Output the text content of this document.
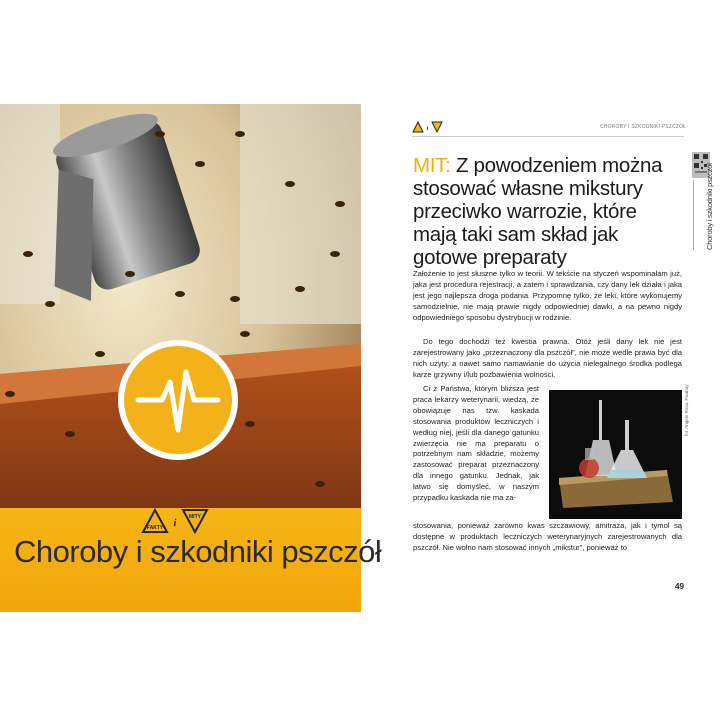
FAKTY i
MITY
Choroby i szkodniki pszczół
i	CHOROBY I SZKODNIKI PSZCZÓŁ
MIT: Z powodzeniem można stosować własne mikstury przeciwko warrozie, które mają taki sam skład jak gotowe preparaty
Założenie to jest słuszne tylko w teorii. W tekście na styczeń wspominałam już, jaka jest procedura rejestracji, a zatem i sprawdzania, czy dany lek działa i jaka jest jego najlepsza droga podania. Przypomnę tylko, że leki, które wykonujemy samodzielnie, nie mają prawie nigdy odpowiedniej dawki, a na pewno nigdy odpowiedniego sposobu dystrybucji w rodzinie.
Do tego dochodzi też kwestia prawna. Otóż jeśli dany lek nie jest zarejestrowany jako „przeznaczony dla pszczół”, nie może wedle prawa być dla nich użyty, a nawet samo namawianie do użycia nielegalnego środka podlega karze grzywny i/lub pozbawienia wolności.
Ci z Państwa, którym bliższa jest praca lekarzy weterynarii, wiedzą, że obowiązuje nas tzw. kaskada stosowania produktów leczniczych i według niej, jeśli dla danego gatunku zwierzęcia nie ma preparatu o potrzebnym nam składzie, możemy zastosować preparat przeznaczony dla innego gatunku. Jednak, jak łatwo się domyśleć, w naszym przypadku kaskada nie ma za-
stosowania, ponieważ zarówno kwas szczawiowy, amitraza, jak i tymol są dostępne w produktach leczniczych weterynaryjnych zarejestrowanych dla pszczół. Nie wolno nam stosować innych „mikstur”, ponieważ to
fot. Angelo Rosa, Pixabay
Choroby i szkodniki pszczół
49
